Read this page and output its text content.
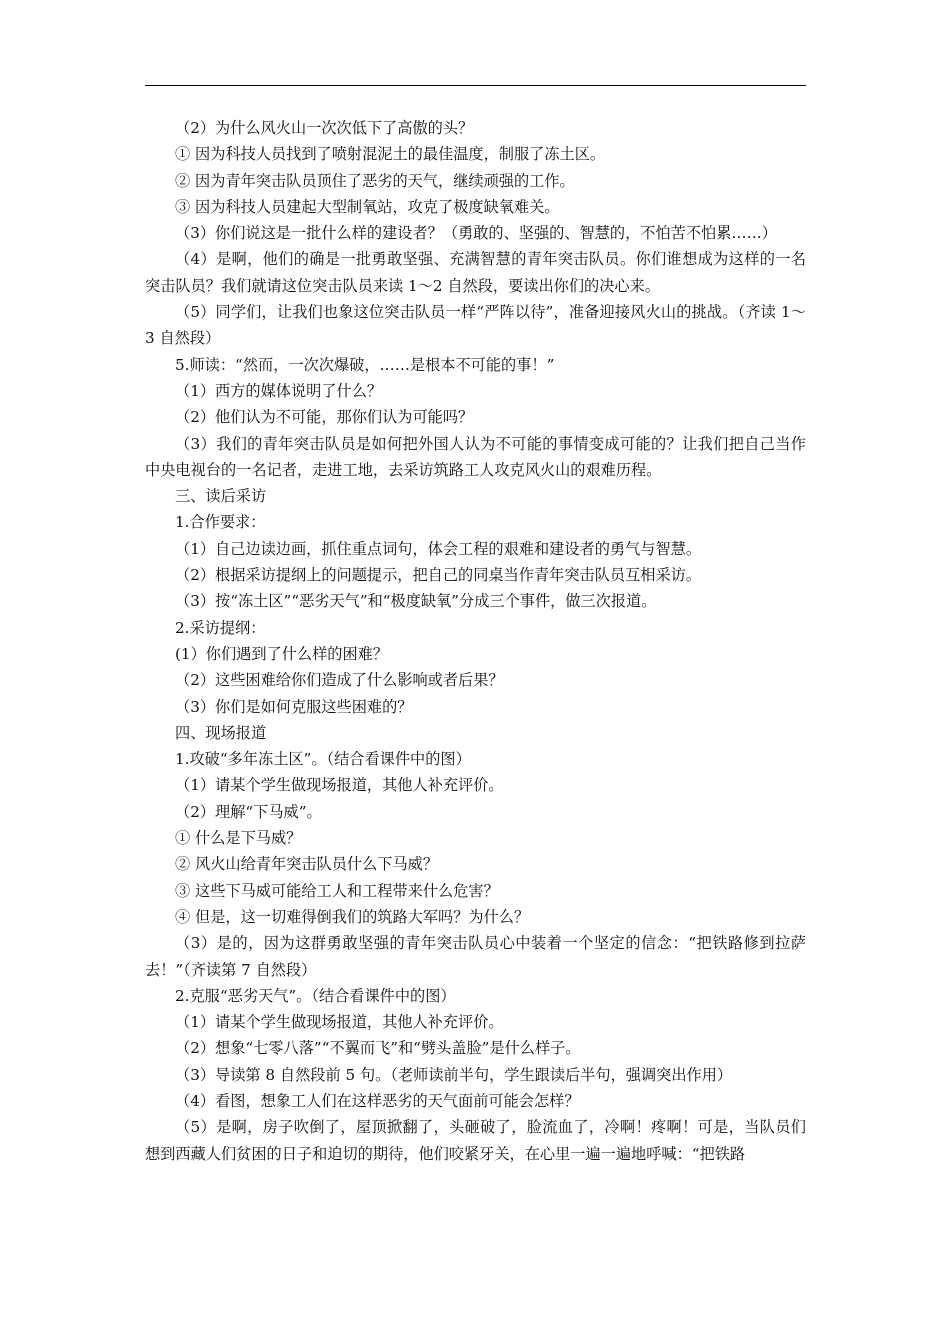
（2）为什么风火山一次次低下了高傲的头？

① 因为科技人员找到了喷射混泥土的最佳温度，制服了冻土区。

② 因为青年突击队员顶住了恶劣的天气，继续顽强的工作。

③ 因为科技人员建起大型制氧站，攻克了极度缺氧难关。

（3）你们说这是一批什么样的建设者？（勇敢的、坚强的、智慧的，不怕苦不怕累……）

（4）是啊，他们的确是一批勇敢坚强、充满智慧的青年突击队员。你们谁想成为这样的一名突击队员？我们就请这位突击队员来读 1～2 自然段，要读出你们的决心来。

（5）同学们，让我们也象这位突击队员一样“严阵以待”，准备迎接风火山的挑战。（齐读 1～3 自然段）

5.师读：“然而，一次次爆破，……是根本不可能的事！”

（1）西方的媒体说明了什么？

（2）他们认为不可能，那你们认为可能吗？

（3）我们的青年突击队员是如何把外国人认为不可能的事情变成可能的？让我们把自己当作中央电视台的一名记者，走进工地，去采访筑路工人攻克风火山的艰难历程。

三、读后采访

1.合作要求：

（1）自己边读边画，抓住重点词句，体会工程的艰难和建设者的勇气与智慧。

（2）根据采访提纲上的问题提示，把自己的同桌当作青年突击队员互相采访。

（3）按“冻土区”“恶劣天气”和“极度缺氧”分成三个事件，做三次报道。

2.采访提纲：

(1）你们遇到了什么样的困难？

（2）这些困难给你们造成了什么影响或者后果？

（3）你们是如何克服这些困难的？

四、现场报道

1.攻破“多年冻土区”。（结合看课件中的图）

（1）请某个学生做现场报道，其他人补充评价。

（2）理解“下马威”。

① 什么是下马威？

② 风火山给青年突击队员什么下马威？

③ 这些下马威可能给工人和工程带来什么危害？

④ 但是，这一切难得倒我们的筑路大军吗？为什么？

（3）是的，因为这群勇敢坚强的青年突击队员心中装着一个坚定的信念：“把铁路修到拉萨去！”（齐读第 7 自然段）

2.克服“恶劣天气”。（结合看课件中的图）

（1）请某个学生做现场报道，其他人补充评价。

（2）想象“七零八落”“不翼而飞”和“劈头盖脸”是什么样子。

（3）导读第 8 自然段前 5 句。（老师读前半句，学生跟读后半句，强调突出作用）

（4）看图，想象工人们在这样恶劣的天气面前可能会怎样？

（5）是啊，房子吹倒了，屋顶掀翻了，头砸破了，脸流血了，冷啊！疼啊！可是，当队员们想到西藏人们贫困的日子和迫切的期待，他们咬紧牙关，在心里一遍一遍地呼喊：“把铁路
